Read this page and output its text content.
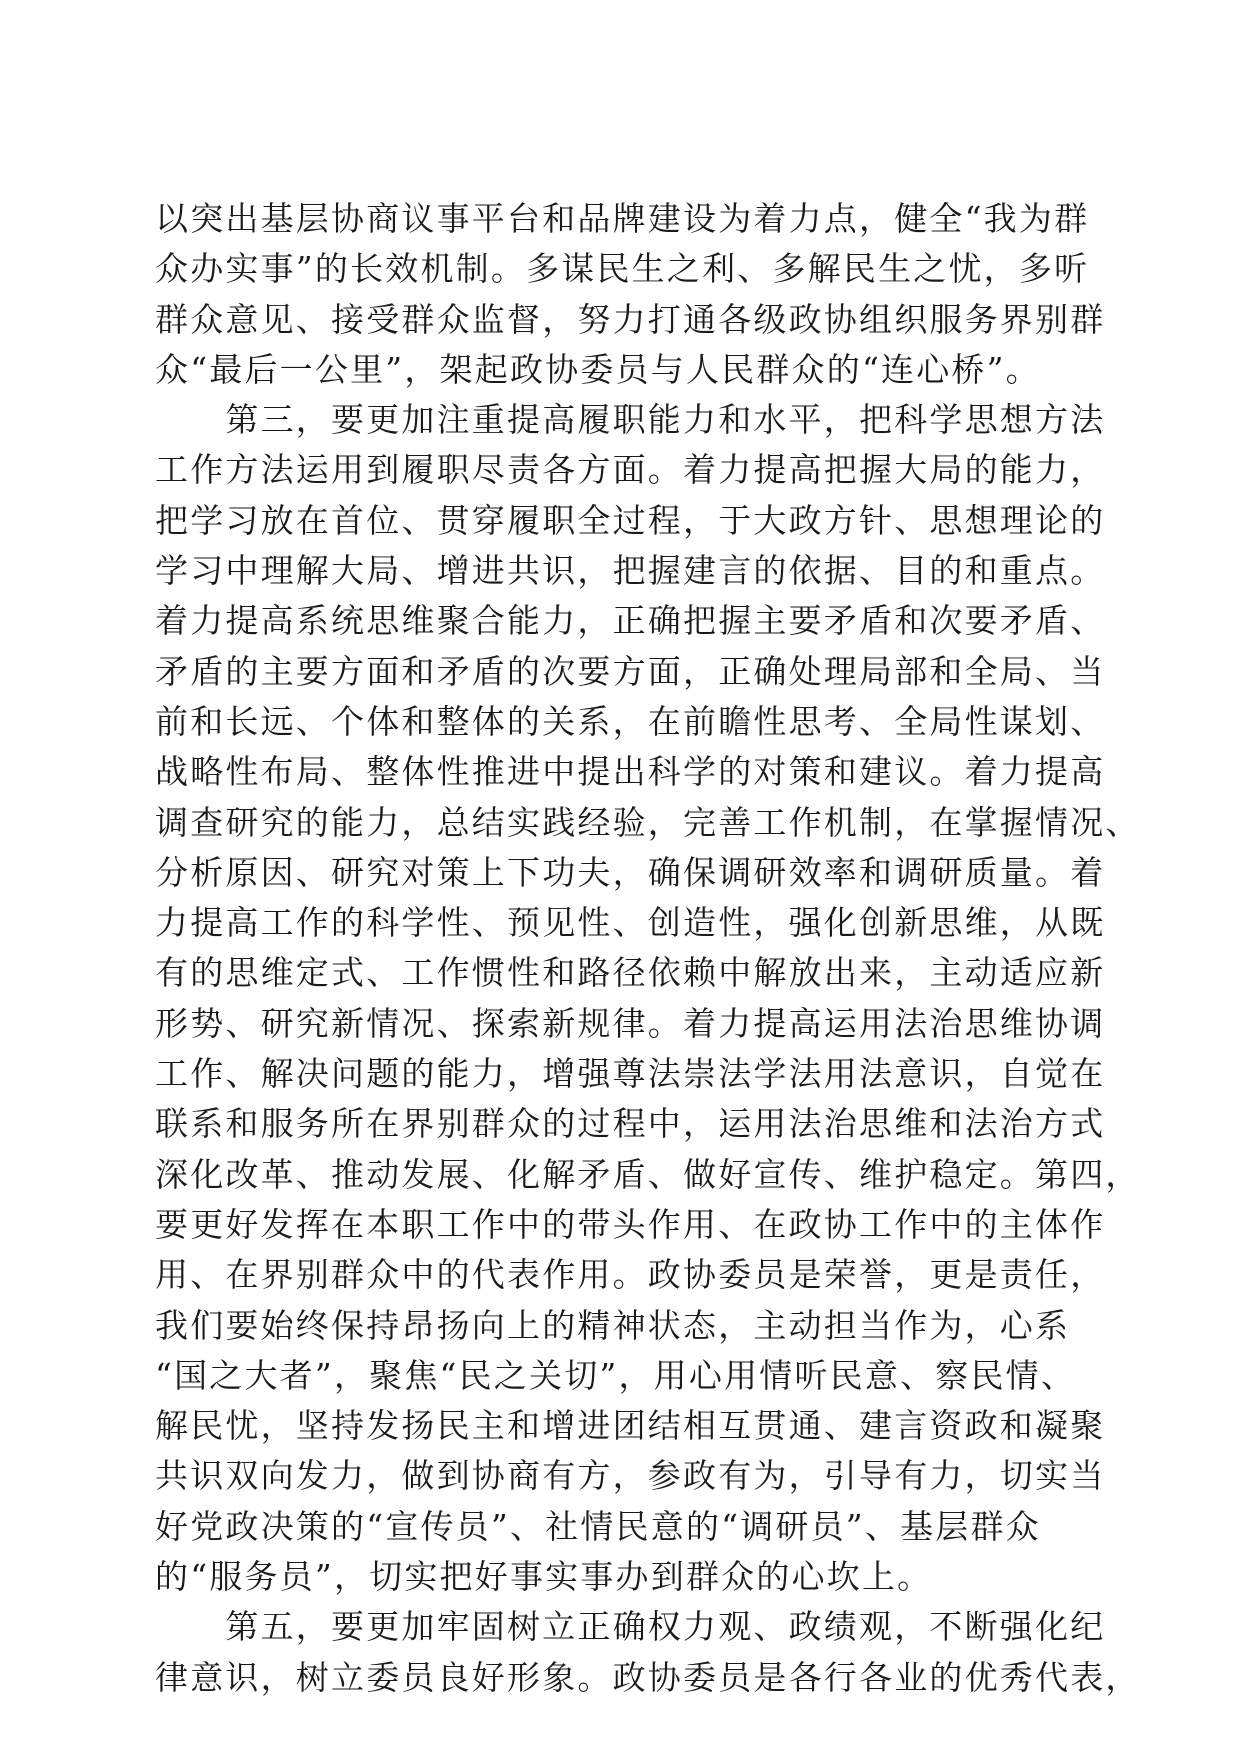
以突出基层协商议事平台和品牌建设为着力点，健全“我为群
众办实事”的长效机制。多谋民生之利、多解民生之忧，多听
群众意见、接受群众监督，努力打通各级政协组织服务界别群
众“最后一公里”，架起政协委员与人民群众的“连心桥”。
　　第三，要更加注重提高履职能力和水平，把科学思想方法
工作方法运用到履职尽责各方面。着力提高把握大局的能力，
把学习放在首位、贯穿履职全过程，于大政方针、思想理论的
学习中理解大局、增进共识，把握建言的依据、目的和重点。
着力提高系统思维聚合能力，正确把握主要矛盾和次要矛盾、
矛盾的主要方面和矛盾的次要方面，正确处理局部和全局、当
前和长远、个体和整体的关系，在前瞻性思考、全局性谋划、
战略性布局、整体性推进中提出科学的对策和建议。着力提高
调查研究的能力，总结实践经验，完善工作机制，在掌握情况、
分析原因、研究对策上下功夫，确保调研效率和调研质量。着
力提高工作的科学性、预见性、创造性，强化创新思维，从既
有的思维定式、工作惯性和路径依赖中解放出来，主动适应新
形势、研究新情况、探索新规律。着力提高运用法治思维协调
工作、解决问题的能力，增强尊法崇法学法用法意识，自觉在
联系和服务所在界别群众的过程中，运用法治思维和法治方式
深化改革、推动发展、化解矛盾、做好宣传、维护稳定。第四，
要更好发挥在本职工作中的带头作用、在政协工作中的主体作
用、在界别群众中的代表作用。政协委员是荣誉，更是责任，
我们要始终保持昂扬向上的精神状态，主动担当作为，心系
“国之大者”，聚焦“民之关切”，用心用情听民意、察民情、
解民忧，坚持发扬民主和增进团结相互贯通、建言资政和凝聚
共识双向发力，做到协商有方，参政有为，引导有力，切实当
好党政决策的“宣传员”、社情民意的“调研员”、基层群众
的“服务员”，切实把好事实事办到群众的心坎上。
　　第五，要更加牢固树立正确权力观、政绩观，不断强化纪
律意识，树立委员良好形象。政协委员是各行各业的优秀代表，
